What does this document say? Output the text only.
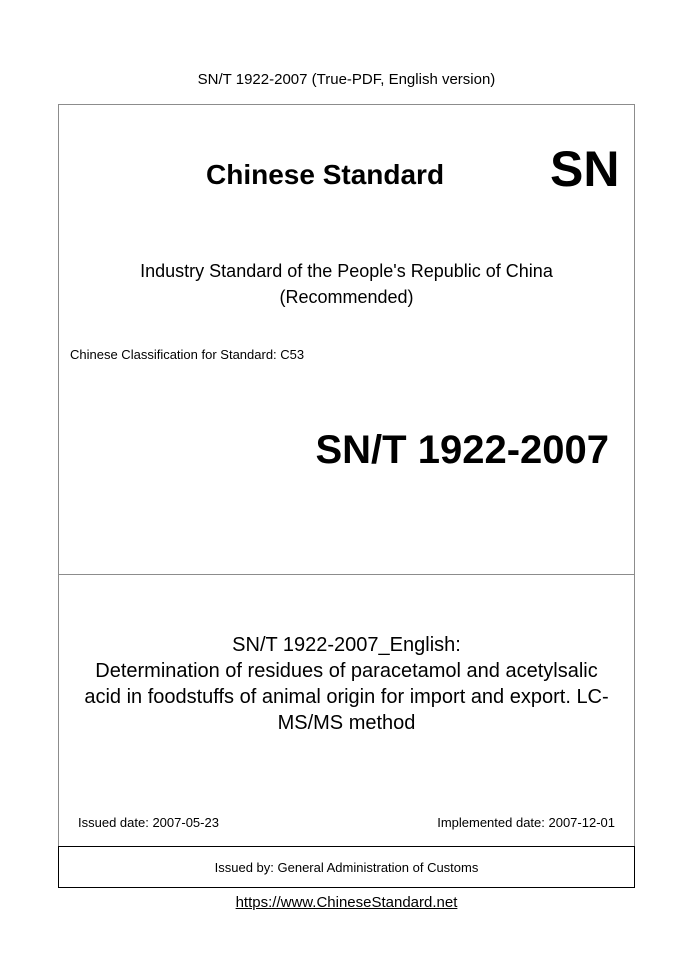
SN/T 1922-2007 (True-PDF, English version)
Chinese Standard SN
Industry Standard of the People's Republic of China
(Recommended)
Chinese Classification for Standard: C53
SN/T 1922-2007
SN/T 1922-2007_English:
Determination of residues of paracetamol and acetylsalic
acid in foodstuffs of animal origin for import and export. LC-
MS/MS method
Issued date: 2007-05-23	Implemented date: 2007-12-01
Issued by: General Administration of Customs
https://www.ChineseStandard.net
